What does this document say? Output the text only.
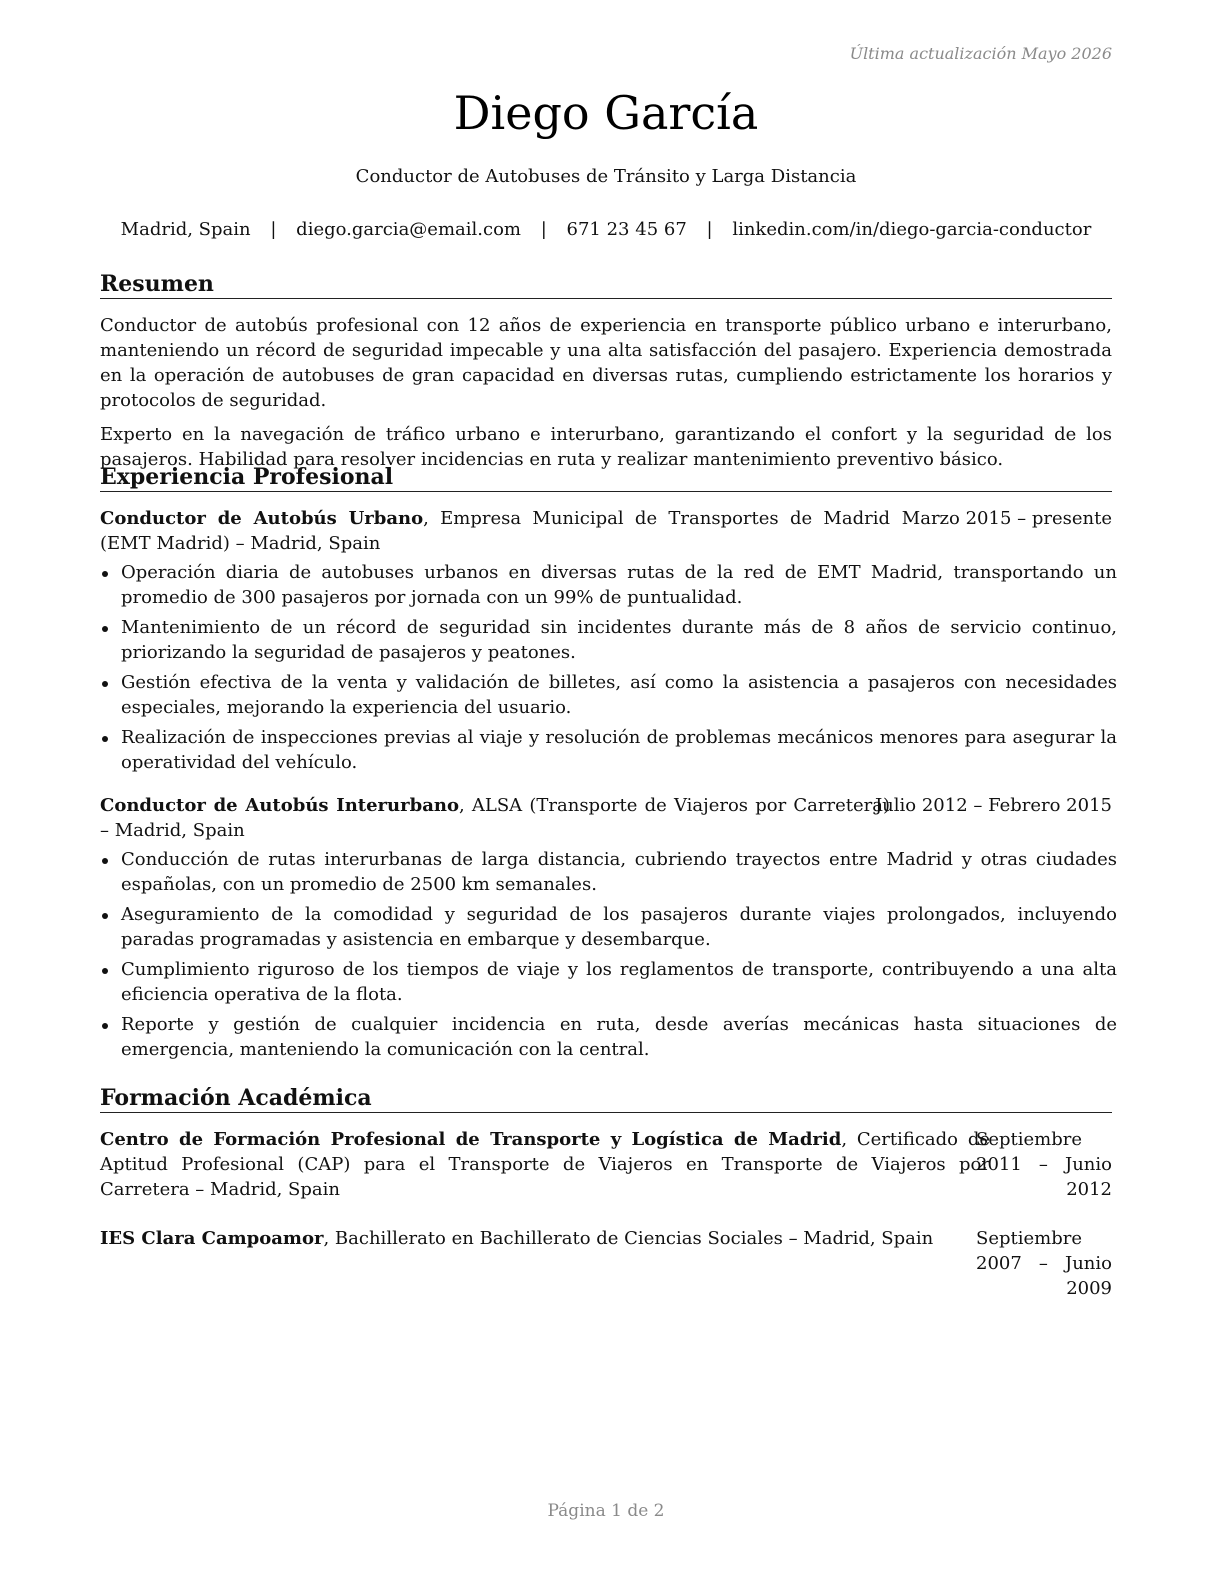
Última actualización Mayo 2026
Diego García
Conductor de Autobuses de Tránsito y Larga Distancia
Madrid, Spain | diego.garcia@email.com | 671 23 45 67 | linkedin.com/in/diego-garcia-conductor
Resumen

Conductor de autobús profesional con 12 años de experiencia en transporte público urbano e interurbano, manteniendo un récord de seguridad impecable y una alta satisfacción del pasajero. Experiencia demostrada en la operación de autobuses de gran capacidad en diversas rutas, cumpliendo estrictamente los horarios y protocolos de seguridad.

Experto en la navegación de tráfico urbano e interurbano, garantizando el confort y la seguridad de los pasajeros. Habilidad para resolver incidencias en ruta y realizar mantenimiento preventivo básico.

Experiencia Profesional
Conductor de Autobús Urbano, Empresa Municipal de Transportes de Madrid (EMT Madrid) – Madrid, Spain
Marzo 2015 – presente
Operación diaria de autobuses urbanos en diversas rutas de la red de EMT Madrid, transportando un promedio de 300 pasajeros por jornada con un 99% de puntualidad.
Mantenimiento de un récord de seguridad sin incidentes durante más de 8 años de servicio continuo, priorizando la seguridad de pasajeros y peatones.
Gestión efectiva de la venta y validación de billetes, así como la asistencia a pasajeros con necesidades especiales, mejorando la experiencia del usuario.
Realización de inspecciones previas al viaje y resolución de problemas mecánicos menores para asegurar la operatividad del vehículo.
Conductor de Autobús Interurbano, ALSA (Transporte de Viajeros por Carretera) – Madrid, Spain
Julio 2012 – Febrero 2015
Conducción de rutas interurbanas de larga distancia, cubriendo trayectos entre Madrid y otras ciudades españolas, con un promedio de 2500 km semanales.
Aseguramiento de la comodidad y seguridad de los pasajeros durante viajes prolongados, incluyendo paradas programadas y asistencia en embarque y desembarque.
Cumplimiento riguroso de los tiempos de viaje y los reglamentos de transporte, contribuyendo a una alta eficiencia operativa de la flota.
Reporte y gestión de cualquier incidencia en ruta, desde averías mecánicas hasta situaciones de emergencia, manteniendo la comunicación con la central.
Formación Académica
Centro de Formación Profesional de Transporte y Logística de Madrid, Certificado de Aptitud Profesional (CAP) para el Transporte de Viajeros en Transporte de Viajeros por Carretera – Madrid, Spain
Septiembre 2011 – Junio 2012
IES Clara Campoamor, Bachillerato en Bachillerato de Ciencias Sociales – Madrid, Spain	Septiembre 2007 – Junio 2009
Página 1 de 2
